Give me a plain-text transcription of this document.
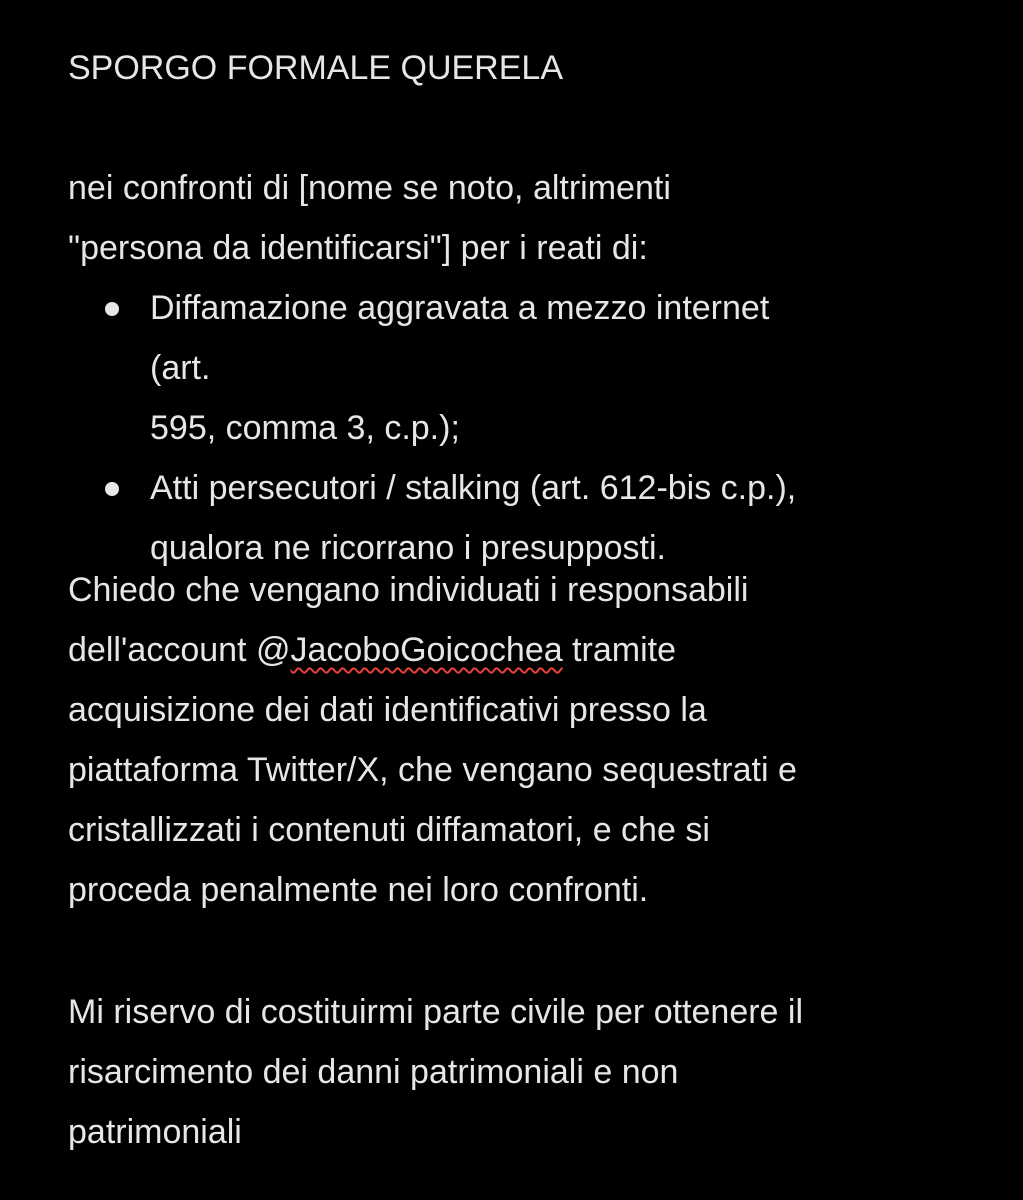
SPORGO FORMALE QUERELA

nei confronti di [nome se noto, altrimenti
"persona da identificarsi"] per i reati di:

Diffamazione aggravata a mezzo internet
(art.
595, comma 3, c.p.);
Atti persecutori / stalking (art. 612-bis c.p.),
qualora ne ricorrano i presupposti.

Chiedo che vengano individuati i responsabili
dell'account @JacoboGoicochea tramite
acquisizione dei dati identificativi presso la
piattaforma Twitter/X, che vengano sequestrati e
cristallizzati i contenuti diffamatori, e che si
proceda penalmente nei loro confronti.

Mi riservo di costituirmi parte civile per ottenere il
risarcimento dei danni patrimoniali e non
patrimoniali
